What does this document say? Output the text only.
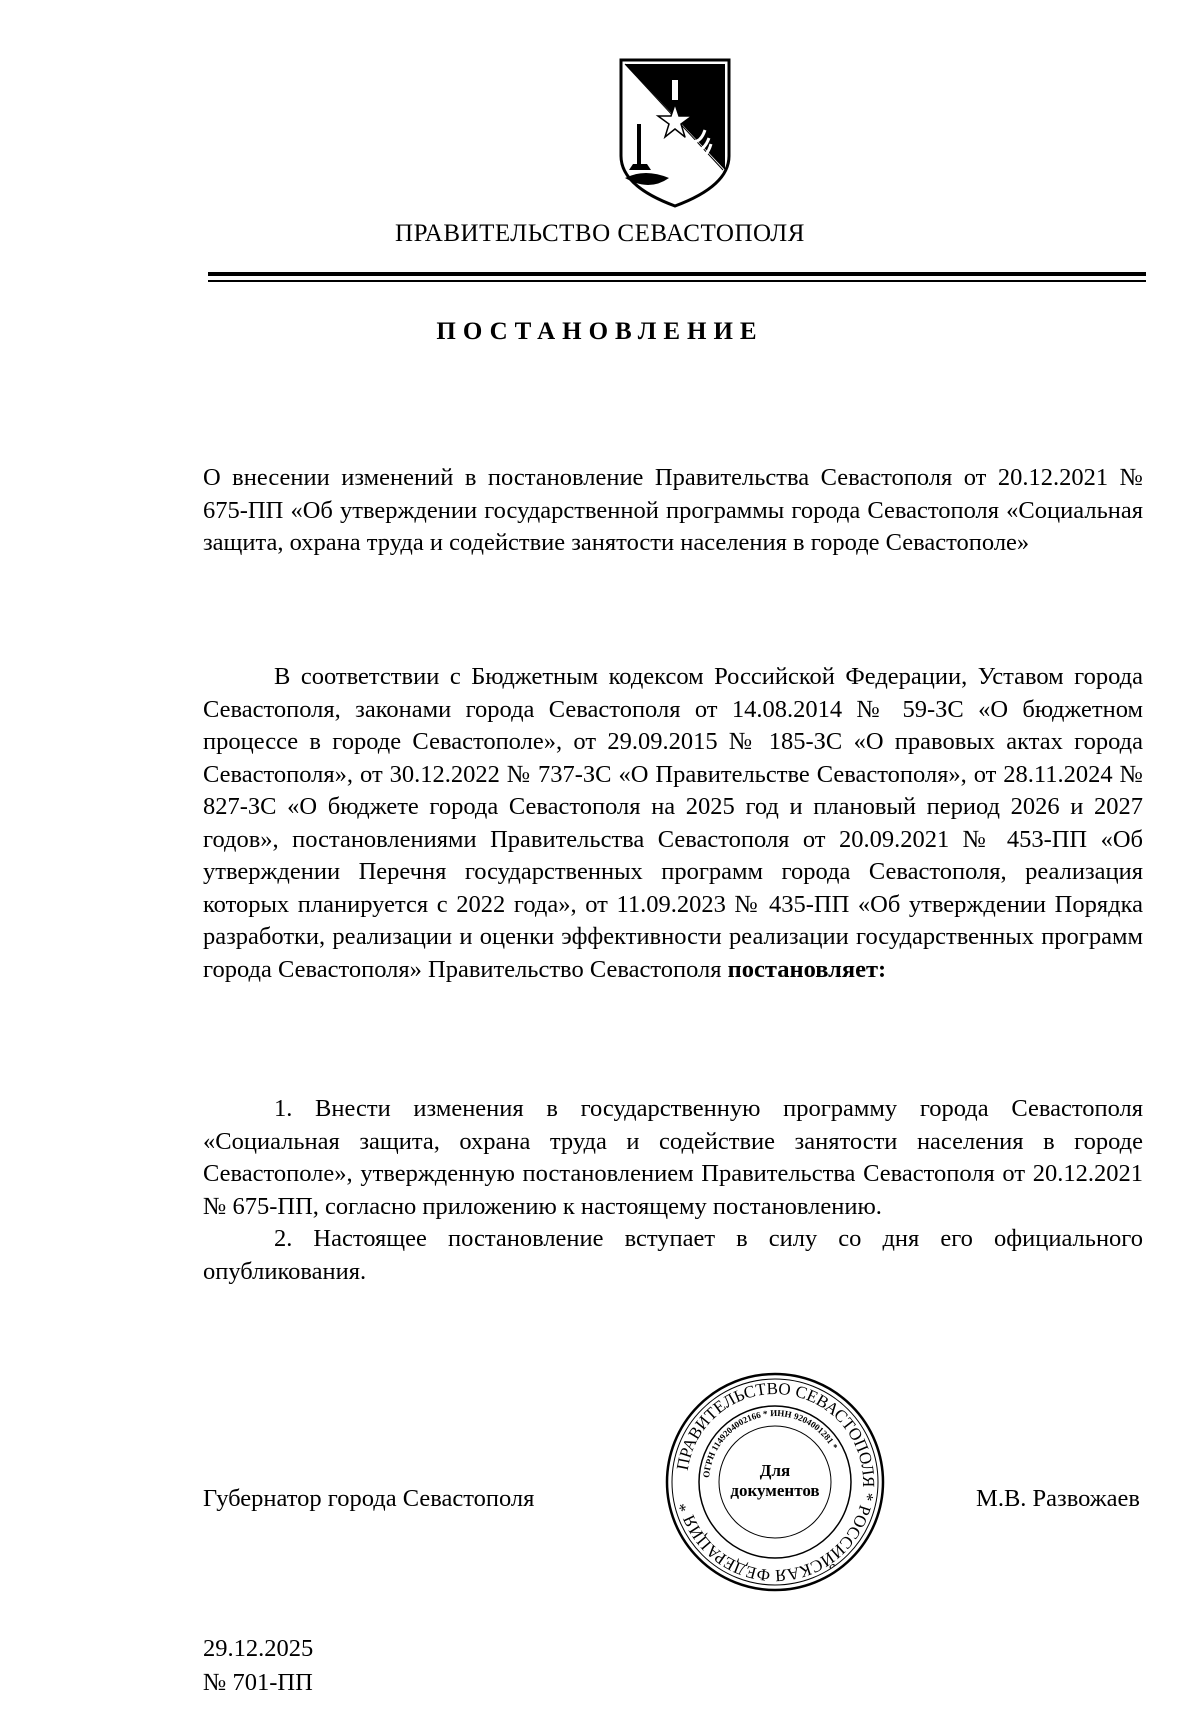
ПРАВИТЕЛЬСТВО СЕВАСТОПОЛЯ
ПОСТАНОВЛЕНИЕ
О внесении изменений в постановление Правительства Севастополя от 20.12.2021 № 675-ПП «Об утверждении государственной программы города Севастополя «Социальная защита, охрана труда и содействие занятости населения в городе Севастополе»
В соответствии с Бюджетным кодексом Российской Федерации, Уставом города Севастополя, законами города Севастополя от 14.08.2014 № 59-ЗС «О бюджетном процессе в городе Севастополе», от 29.09.2015 № 185-ЗС «О правовых актах города Севастополя», от 30.12.2022 № 737-ЗС «О Правительстве Севастополя», от 28.11.2024 № 827-ЗС «О бюджете города Севастополя на 2025 год и плановый период 2026 и 2027 годов», постановлениями Правительства Севастополя от 20.09.2021 № 453-ПП «Об утверждении Перечня государственных программ города Севастополя, реализация которых планируется с 2022 года», от 11.09.2023 № 435-ПП «Об утверждении Порядка разработки, реализации и оценки эффективности реализации государственных программ города Севастополя» Правительство Севастополя постановляет:

1. Внести изменения в государственную программу города Севастополя «Социальная защита, охрана труда и содействие занятости населения в городе Севастополе», утвержденную постановлением Правительства Севастополя от 20.12.2021 № 675-ПП, согласно приложению к настоящему постановлению.

2. Настоящее постановление вступает в силу со дня его официального опубликования.

Губернатор города Севастополя
ПРАВИТЕЛЬСТВО СЕВАСТОПОЛЯ * РОССИЙСКАЯ ФЕДЕРАЦИЯ *
ОГРН 1149204002166 * ИНН 9204001281 *
Для
документов	М.В. Развожаев
29.12.2025
№ 701-ПП
